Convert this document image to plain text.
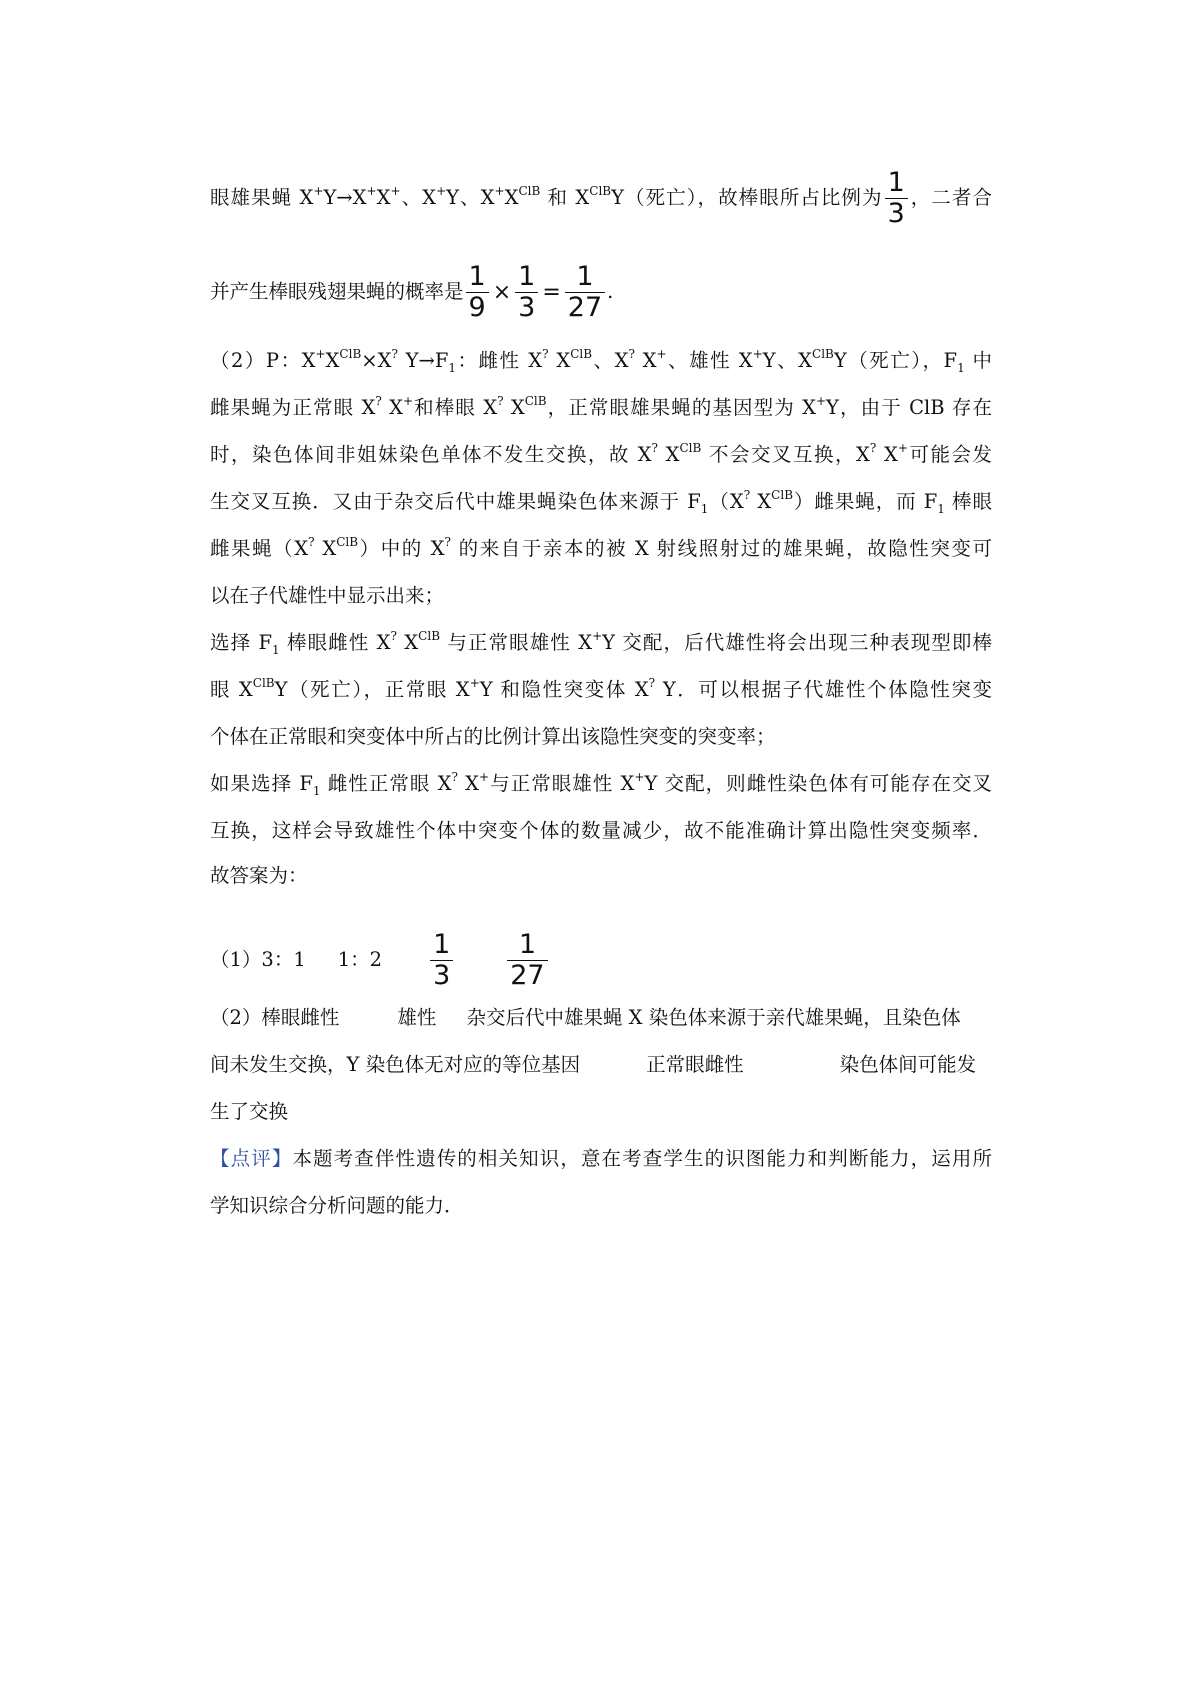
眼雄果蝇 X+Y→X+X+、X+Y、$X^+X^{ClB}$ 和 $X^{ClB}Y$（死亡），故棒眼所占比例为 $\frac{1}{3}$ ，二者合
并产生棒眼残翅果蝇的概率是 $\frac{1}{9} \times \frac{1}{3} = \frac{1}{27}$ .
（2）P：$X^+X^{ClB}\times X^?$ $Y\to F_1$：雌性 X? $X^{ClB}$、X? X+、雄性 X+Y、$X^{ClB}Y$（死亡），$F_1$ 中
雌果蝇为正常眼 X? X+和棒眼 X? $X^{ClB}$，正常眼雄果蝇的基因型为 X+Y，由于 ClB 存在
时，染色体间非姐妹染色单体不发生交换，故 X? $X^{ClB}$ 不会交叉互换，X? X+可能会发
生交叉互换．又由于杂交后代中雄果蝇染色体来源于 $F_1(X^?$ $X^{ClB}$）雌果蝇，而 $F_1$ 棒眼
雌果蝇（X? $X^{ClB}$）中的 X? 的来自于亲本的被 X 射线照射过的雄果蝇，故隐性突变可
以在子代雄性中显示出来；
选择 $F_1$ 棒眼雌性 X? $X^{ClB}$ 与正常眼雄性 X+Y 交配，后代雄性将会出现三种表现型即棒
眼 $X^{ClB}Y$（死亡），正常眼 X+Y 和隐性突变体 X? Y．可以根据子代雄性个体隐性突变
个体在正常眼和突变体中所占的比例计算出该隐性突变的突变率；
如果选择 $F_1$ 雌性正常眼 X? X+与正常眼雄性 X+Y 交配，则雌性染色体有可能存在交叉
互换，这样会导致雄性个体中突变个体的数量减少，故不能准确计算出隐性突变频率．
故答案为：
（1）3：1 1：$2 \frac{1}{3} \frac{1}{27}$
（2）棒眼雌性	雄性 杂交后代中雄果蝇 X 染色体来源于亲代雄果蝇，且染色体
间未发生交换，Y 染色体无对应的等位基因	正常眼雌性	染色体间可能发
生了交换
【点评】本题考查伴性遗传的相关知识，意在考查学生的识图能力和判断能力，运用所
学知识综合分析问题的能力．
